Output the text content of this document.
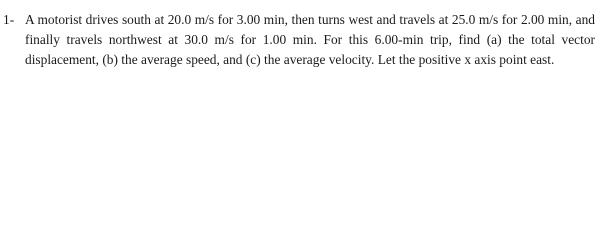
1- A motorist drives south at 20.0 m/s for 3.00 min, then turns west and travels at 25.0 m/s for 2.00 min, and finally travels northwest at 30.0 m/s for 1.00 min. For this 6.00-min trip, find (a) the total vector displacement, (b) the average speed, and (c) the average velocity. Let the positive x axis point east.
